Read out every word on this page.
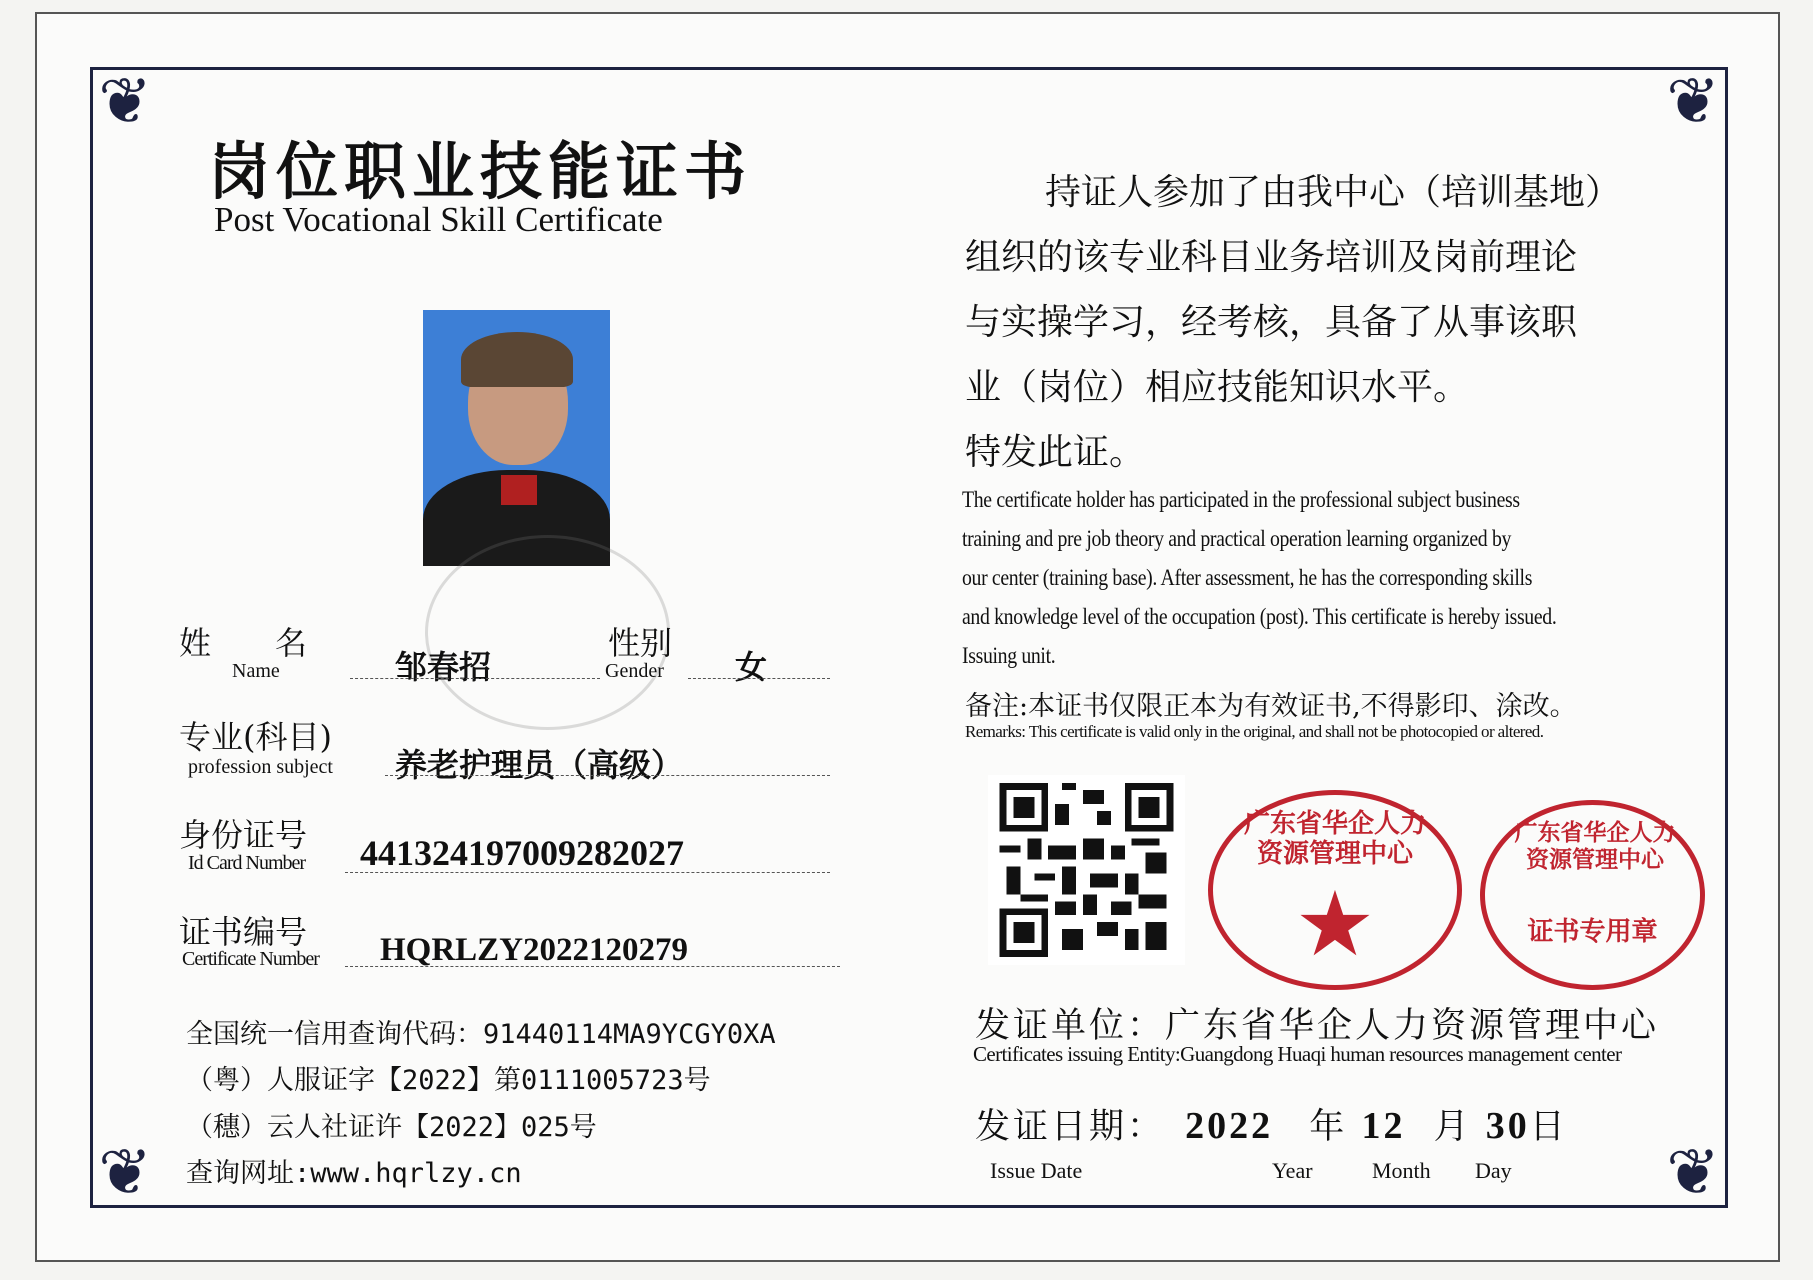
❦	❦
❦	❦
岗位职业技能证书
Post Vocational Skill Certificate
姓　　名
Name	邹春招
性别
Gender 女
专业(科目)
profession subject 养老护理员（高级）
身份证号
Id Card Number 441324197009282027
证书编号
Certificate Number HQRLZY2022120279
全国统一信用查询代码：91440114MA9YCGY0XA
（粤）人服证字【2022】第0111005723号
（穗）云人社证许【2022】025号
查询网址:www.hqrlzy.cn
持证人参加了由我中心（培训基地）
组织的该专业科目业务培训及岗前理论
与实操学习，经考核，具备了从事该职
业（岗位）相应技能知识水平。
特发此证。
The certificate holder has participated in the professional subject business
training and pre job theory and practical operation learning organized by
our center (training base). After assessment, he has the corresponding skills
and knowledge level of the occupation (post). This certificate is hereby issued.
Issuing unit.
备注:本证书仅限正本为有效证书,不得影印、涂改。
Remarks: This certificate is valid only in the original, and shall not be photocopied or altered.
发证单位：广东省华企人力资源管理中心
Certificates issuing Entity:Guangdong Huaqi human resources management center
广东省华企人力资源管理中心
★
广东省华企人力资源管理中心
证书专用章
发证日期： 2022 年 12 月 30日
Issue Date	Year	Month Day
